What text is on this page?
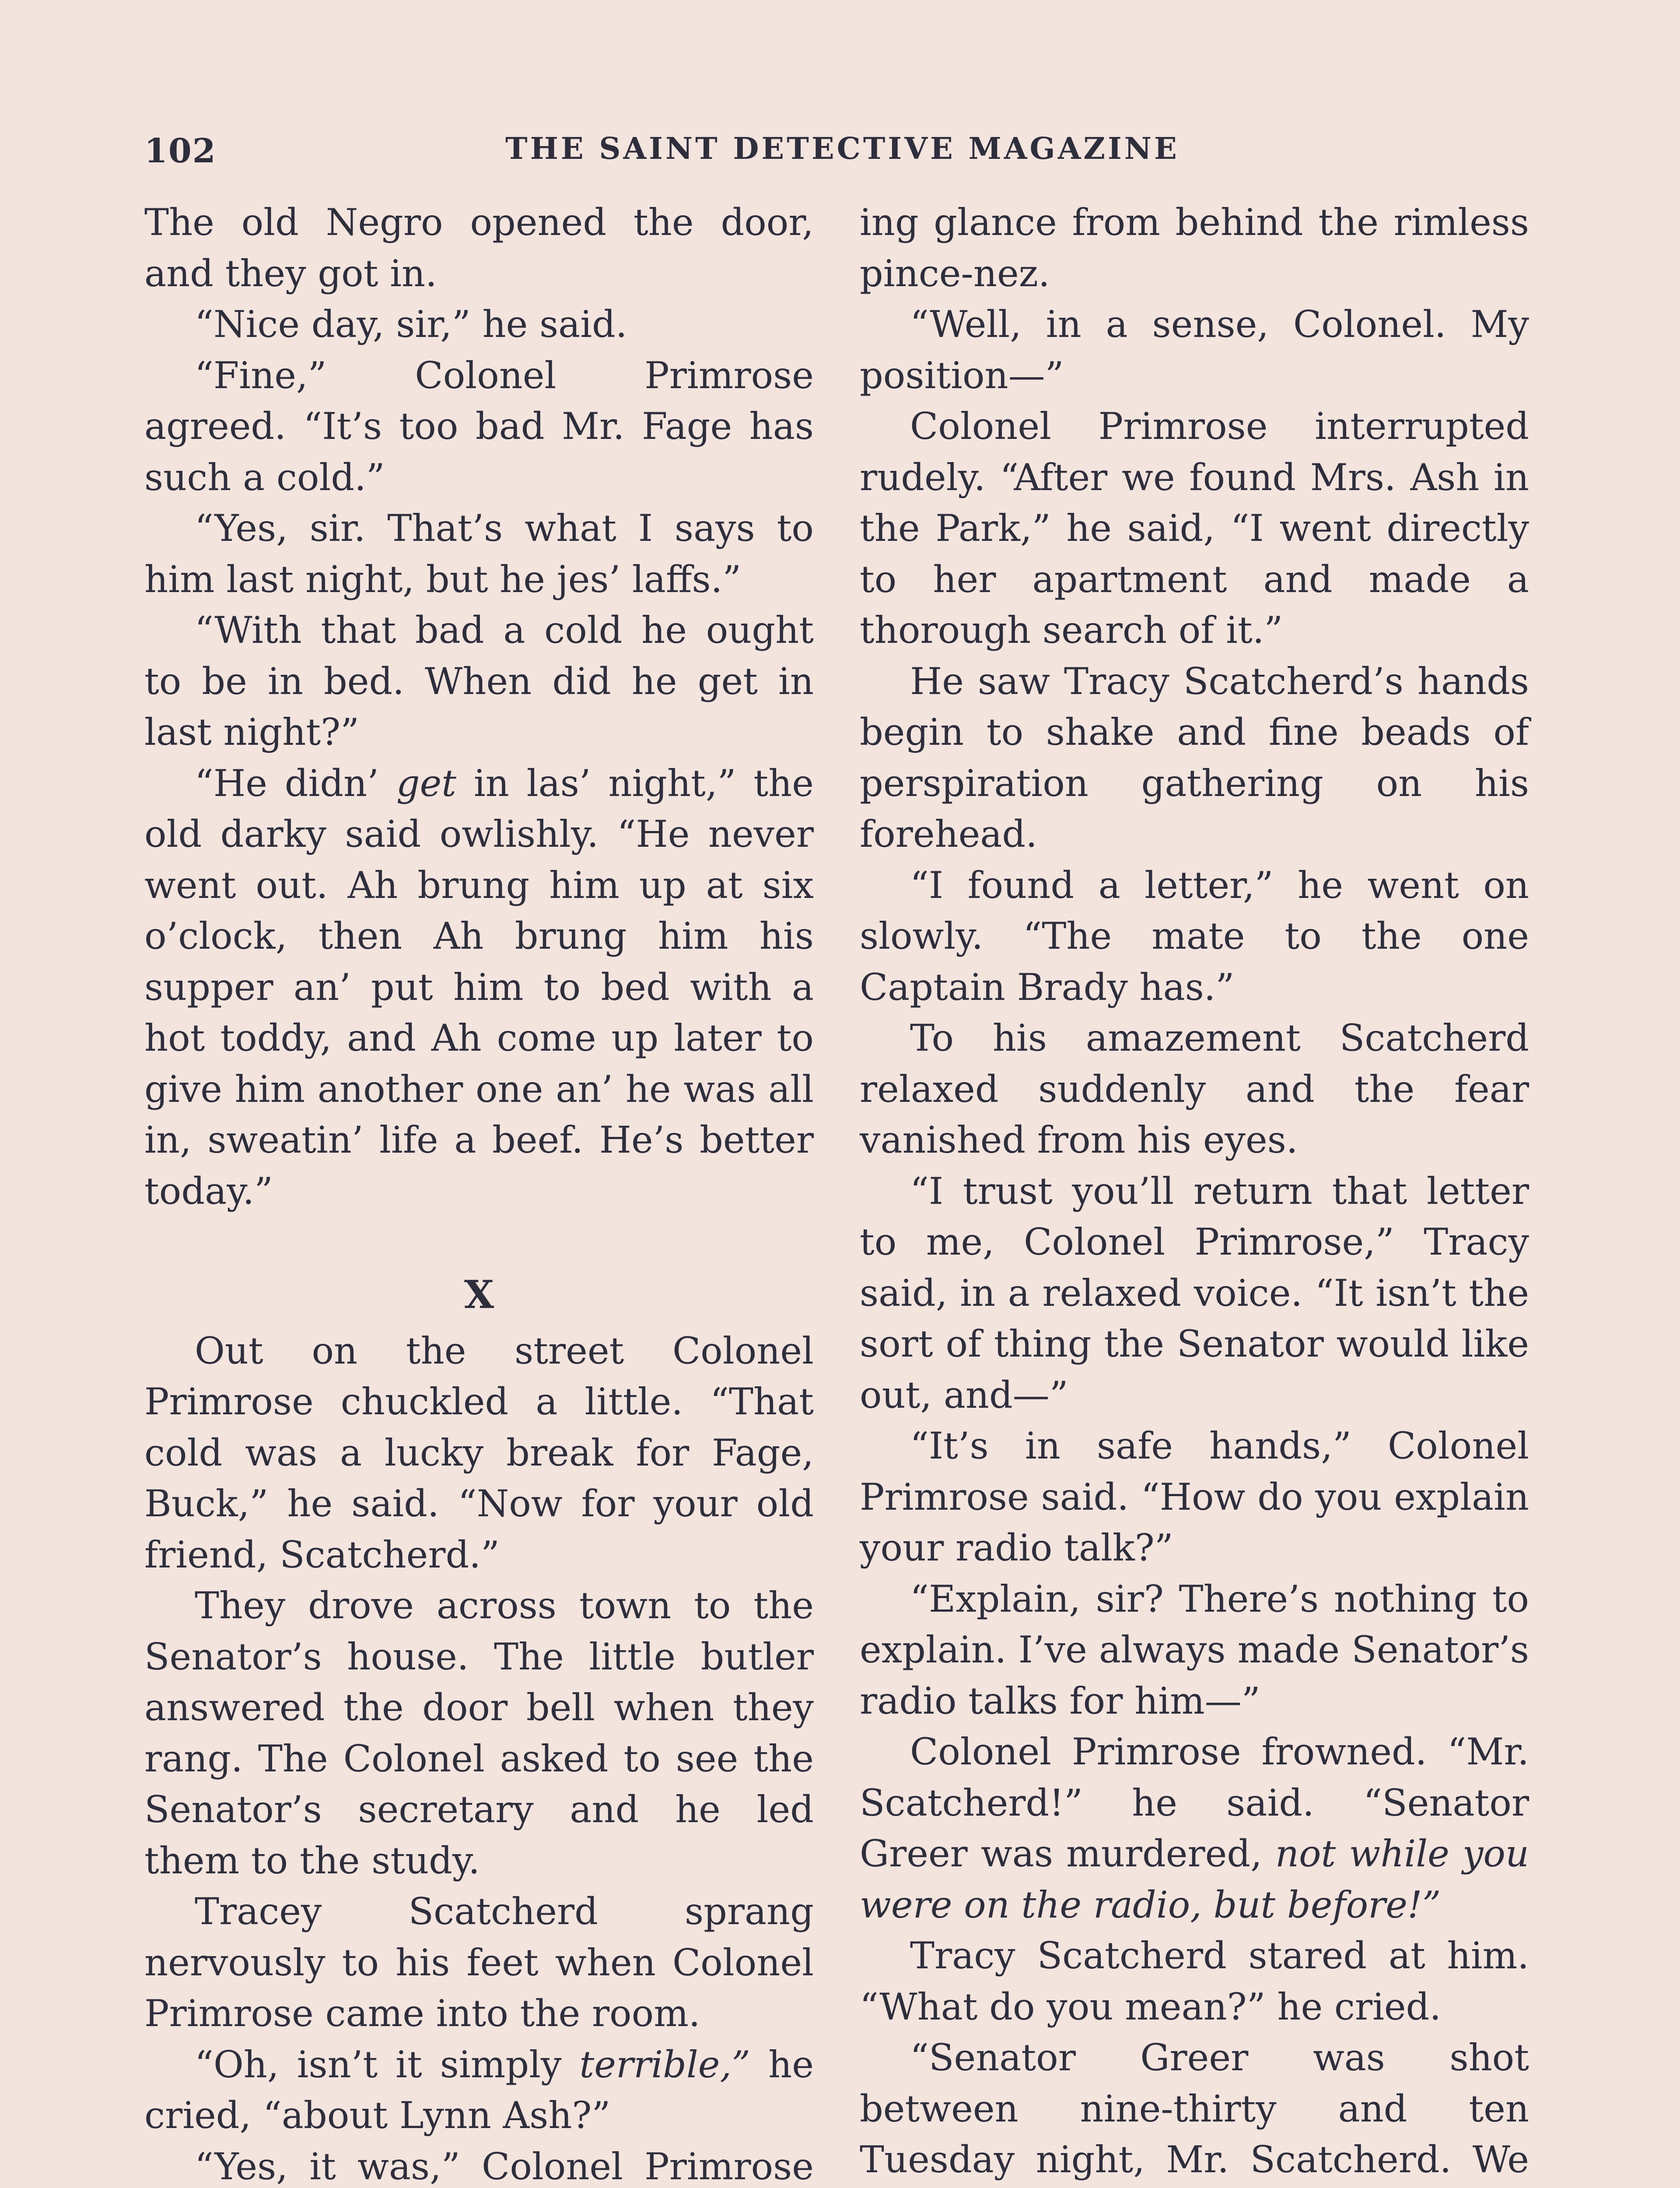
102	THE SAINT DETECTIVE MAGAZINE

The old Negro opened the door, and they got in.

“Nice day, sir,” he said.

“Fine,” Colonel Primrose agreed. “It’s too bad Mr. Fage has such a cold.”

“Yes, sir. That’s what I says to him last night, but he jes’ laffs.”

“With that bad a cold he ought to be in bed. When did he get in last night?”

“He didn’ get in las’ night,” the old darky said owlishly. “He never went out. Ah brung him up at six o’clock, then Ah brung him his supper an’ put him to bed with a hot toddy, and Ah come up later to give him another one an’ he was all in, sweatin’ life a beef. He’s better today.”

X

Out on the street Colonel Primrose chuckled a little. “That cold was a lucky break for Fage, Buck,” he said. “Now for your old friend, Scatcherd.”

They drove across town to the Senator’s house. The little butler answered the door bell when they rang. The Colonel asked to see the Senator’s secretary and he led them to the study.

Tracey Scatcherd sprang nervously to his feet when Colonel Primrose came into the room.

“Oh, isn’t it simply terrible,” he cried, “about Lynn Ash?”

“Yes, it was,” Colonel Primrose

ing glance from behind the rimless pince-nez.

“Well, in a sense, Colonel. My position—”

Colonel Primrose interrupted rudely. “After we found Mrs. Ash in the Park,” he said, “I went directly to her apartment and made a thorough search of it.”

He saw Tracy Scatcherd’s hands begin to shake and fine beads of perspiration gathering on his forehead.

“I found a letter,” he went on slowly. “The mate to the one Captain Brady has.”

To his amazement Scatcherd relaxed suddenly and the fear vanished from his eyes.

“I trust you’ll return that letter to me, Colonel Primrose,” Tracy said, in a relaxed voice. “It isn’t the sort of thing the Senator would like out, and—”

“It’s in safe hands,” Colonel Primrose said. “How do you explain your radio talk?”

“Explain, sir? There’s nothing to explain. I’ve always made Senator’s radio talks for him—”

Colonel Primrose frowned. “Mr. Scatcherd!” he said. “Senator Greer was murdered, not while you were on the radio, but before!”

Tracy Scatcherd stared at him. “What do you mean?” he cried.

“Senator Greer was shot between nine-thirty and ten Tuesday night, Mr. Scatcherd. We
